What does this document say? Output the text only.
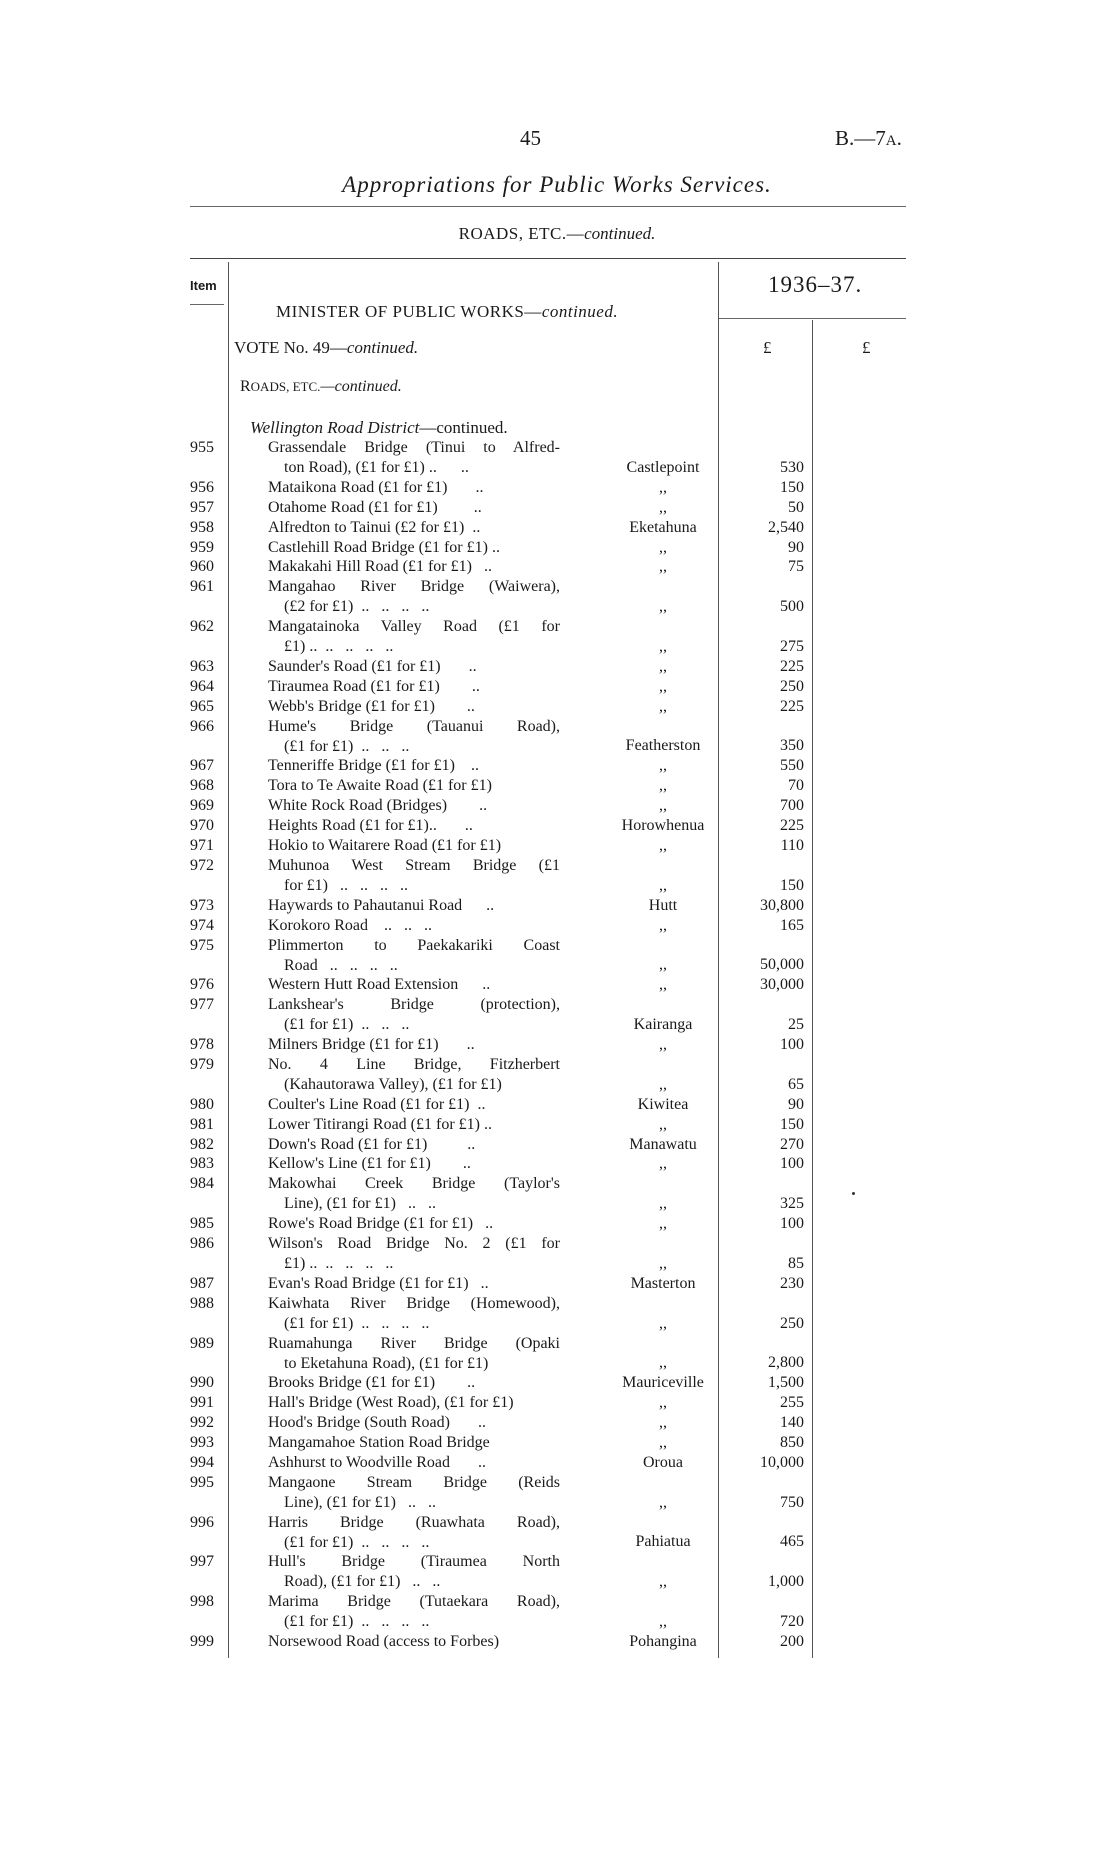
45	B.—7A.
Appropriations for Public Works Services.
ROADS, ETC.—continued.
Item
MINISTER OF PUBLIC WORKS—continued.
1936–37.
VOTE No. 49—continued.	£	£
ROADS, ETC.—continued.
Wellington Road District—continued.
955	Grassendale Bridge (Tinui to Alfred-
ton Road), (£1 for £1) ..      ..	Castlepoint	530
956	Mataikona Road (£1 for £1)       ..	,,	150
957	Otahome Road (£1 for £1)         ..	,,	50
958	Alfredton to Tainui (£2 for £1)  ..	Eketahuna	2,540
959	Castlehill Road Bridge (£1 for £1) ..	,,	90
960	Makakahi Hill Road (£1 for £1)   ..	,,	75
961	Mangahao River Bridge (Waiwera),
(£2 for £1)  ..   ..   ..   ..	,,	500
962	Mangatainoka Valley Road (£1 for
£1) ..  ..   ..   ..   ..	,,	275
963	Saunder's Road (£1 for £1)       ..	,,	225
964	Tiraumea Road (£1 for £1)        ..	,,	250
965	Webb's Bridge (£1 for £1)        ..	,,	225
966	Hume's Bridge (Tauanui Road),
(£1 for £1)  ..   ..   ..	Featherston	350
967	Tenneriffe Bridge (£1 for £1)    ..	,,	550
968	Tora to Te Awaite Road (£1 for £1)	,,	70
969	White Rock Road (Bridges)        ..	,,	700
970	Heights Road (£1 for £1)..       ..	Horowhenua	225
971	Hokio to Waitarere Road (£1 for £1)	,,	110
972	Muhunoa West Stream Bridge (£1
for £1)   ..   ..   ..   ..	,,	150
973	Haywards to Pahautanui Road      ..	Hutt	30,800
974	Korokoro Road    ..   ..   ..	,,	165
975	Plimmerton to Paekakariki Coast
Road   ..   ..   ..   ..	,,	50,000
976	Western Hutt Road Extension      ..	,,	30,000
977	Lankshear's Bridge (protection),
(£1 for £1)  ..   ..   ..	Kairanga	25
978	Milners Bridge (£1 for £1)       ..	,,	100
979	No. 4 Line Bridge, Fitzherbert
(Kahautorawa Valley), (£1 for £1)	,,	65
980	Coulter's Line Road (£1 for £1)  ..	Kiwitea	90
981	Lower Titirangi Road (£1 for £1) ..	,,	150
982	Down's Road (£1 for £1)          ..	Manawatu	270
983	Kellow's Line (£1 for £1)        ..	,,	100
984	Makowhai Creek Bridge (Taylor's
Line), (£1 for £1)   ..   ..	,,	325
985	Rowe's Road Bridge (£1 for £1)   ..	,,	100
986	Wilson's Road Bridge No. 2 (£1 for
£1) ..  ..   ..   ..   ..	,,	85
987	Evan's Road Bridge (£1 for £1)   ..	Masterton	230
988	Kaiwhata River Bridge (Homewood),
(£1 for £1)  ..   ..   ..   ..	,,	250
989	Ruamahunga River Bridge (Opaki
to Eketahuna Road), (£1 for £1)	,,	2,800
990	Brooks Bridge (£1 for £1)        ..	Mauriceville	1,500
991	Hall's Bridge (West Road), (£1 for £1)	,,	255
992	Hood's Bridge (South Road)       ..	,,	140
993	Mangamahoe Station Road Bridge	,,	850
994	Ashhurst to Woodville Road       ..	Oroua	10,000
995	Mangaone Stream Bridge (Reids
Line), (£1 for £1)   ..   ..	,,	750
996	Harris Bridge (Ruawhata Road),
(£1 for £1)  ..   ..   ..   ..	Pahiatua	465
997	Hull's Bridge (Tiraumea North
Road), (£1 for £1)   ..   ..	,,	1,000
998	Marima Bridge (Tutaekara Road),
(£1 for £1)  ..   ..   ..   ..	,,	720
999	Norsewood Road (access to Forbes)	Pohangina	200
